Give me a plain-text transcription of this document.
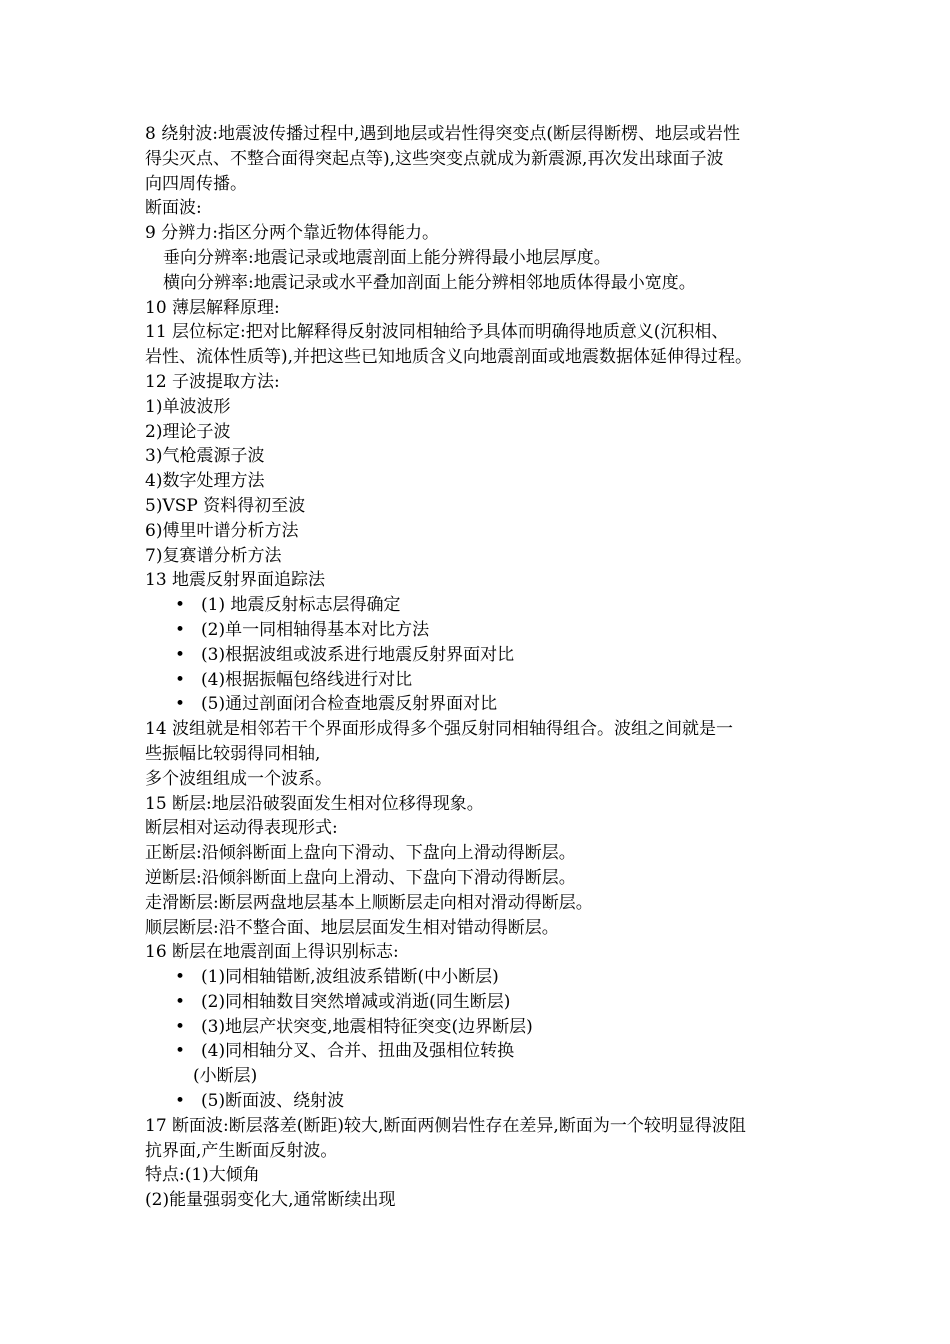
8 绕射波:地震波传播过程中,遇到地层或岩性得突变点(断层得断楞、地层或岩性

得尖灭点、不整合面得突起点等),这些突变点就成为新震源,再次发出球面子波

向四周传播。

断面波:

9 分辨力:指区分两个靠近物体得能力。

垂向分辨率:地震记录或地震剖面上能分辨得最小地层厚度。

横向分辨率:地震记录或水平叠加剖面上能分辨相邻地质体得最小宽度。

10 薄层解释原理:

11 层位标定:把对比解释得反射波同相轴给予具体而明确得地质意义(沉积相、

岩性、流体性质等),并把这些已知地质含义向地震剖面或地震数据体延伸得过程。

12 子波提取方法:

1)单波波形

2)理论子波

3)气枪震源子波

4)数字处理方法

5)VSP 资料得初至波

6)傅里叶谱分析方法

7)复赛谱分析方法

13 地震反射界面追踪法

• (1) 地震反射标志层得确定
• (2)单一同相轴得基本对比方法
• (3)根据波组或波系进行地震反射界面对比
• (4)根据振幅包络线进行对比
• (5)通过剖面闭合检查地震反射界面对比

14 波组就是相邻若干个界面形成得多个强反射同相轴得组合。波组之间就是一

些振幅比较弱得同相轴,

多个波组组成一个波系。

15 断层:地层沿破裂面发生相对位移得现象。

断层相对运动得表现形式:

正断层:沿倾斜断面上盘向下滑动、下盘向上滑动得断层。

逆断层:沿倾斜断面上盘向上滑动、下盘向下滑动得断层。

走滑断层:断层两盘地层基本上顺断层走向相对滑动得断层。

顺层断层:沿不整合面、地层层面发生相对错动得断层。

16 断层在地震剖面上得识别标志:

• (1)同相轴错断,波组波系错断(中小断层)
• (2)同相轴数目突然增减或消逝(同生断层)
• (3)地层产状突变,地震相特征突变(边界断层)
• (4)同相轴分叉、合并、扭曲及强相位转换
(小断层)
• (5)断面波、绕射波

17 断面波:断层落差(断距)较大,断面两侧岩性存在差异,断面为一个较明显得波阻

抗界面,产生断面反射波。

特点:(1)大倾角

(2)能量强弱变化大,通常断续出现
